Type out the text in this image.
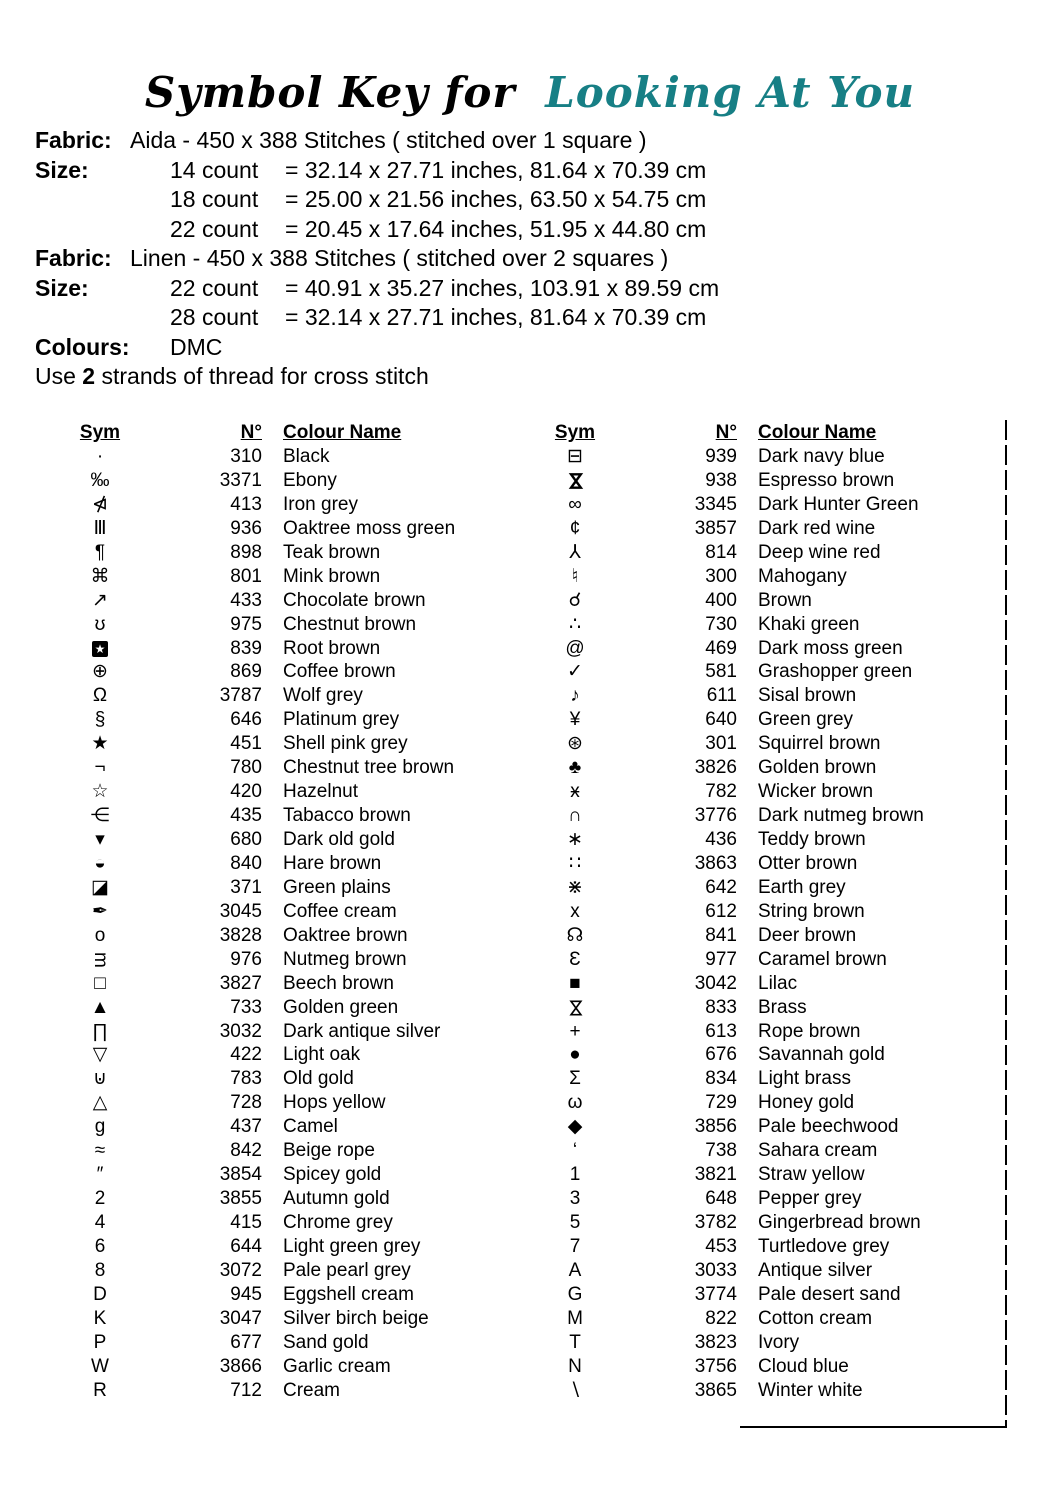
Symbol Key for Looking At You
Fabric: Aida - 450 x 388 Stitches ( stitched over 1 square )
Size:	14 count	= 32.14 x 27.71 inches, 81.64 x 70.39 cm
18 count	= 25.00 x 21.56 inches, 63.50 x 54.75 cm
22 count	= 20.45 x 17.64 inches, 51.95 x 44.80 cm
Fabric: Linen - 450 x 388 Stitches ( stitched over 2 squares )
Size:	22 count	= 40.91 x 35.27 inches, 103.91 x 89.59 cm
28 count	= 32.14 x 27.71 inches, 81.64 x 70.39 cm
Colours: DMC
Use 2 strands of thread for cross stitch
Sym	N°	Colour Name
·	310	Black
‰	3371	Ebony
⋪	413	Iron grey
Ⅲ	936	Oaktree moss green
¶	898	Teak brown
⌘	801	Mink brown
↗	433	Chocolate brown
ʊ	975	Chestnut brown
★	839	Root brown
⊕	869	Coffee brown
Ω	3787	Wolf grey
§	646	Platinum grey
★	451	Shell pink grey
¬	780	Chestnut tree brown
☆	420	Hazelnut
⋲	435	Tabacco brown
▾	680	Dark old gold
◒	840	Hare brown
◪	371	Green plains
✒	3045	Coffee cream
o	3828	Oaktree brown
m	976	Nutmeg brown
□	3827	Beech brown
▲	733	Golden green
∏	3032	Dark antique silver
▽	422	Light oak
⊍	783	Old gold
△	728	Hops yellow
g	437	Camel
≈	842	Beige rope
″	3854	Spicey gold
2	3855	Autumn gold
4	415	Chrome grey
6	644	Light green grey
8	3072	Pale pearl grey
D	945	Eggshell cream
K	3047	Silver birch beige
P	677	Sand gold
W	3866	Garlic cream
R	712	Cream
Sym	N°	Colour Name
⊟	939	Dark navy blue
⋈	938	Espresso brown
∞	3345	Dark Hunter Green
¢	3857	Dark red wine
⅄	814	Deep wine red
♮	300	Mahogany
☌	400	Brown
∴	730	Khaki green
@	469	Dark moss green
✓	581	Grashopper green
♪	611	Sisal brown
¥	640	Green grey
⊛	301	Squirrel brown
♣	3826	Golden brown
ӿ	782	Wicker brown
∩	3776	Dark nutmeg brown
∗	436	Teddy brown
∷	3863	Otter brown
⋇	642	Earth grey
x	612	String brown
☊	841	Deer brown
Ɛ	977	Caramel brown
■	3042	Lilac
⋈	833	Brass
+	613	Rope brown
●	676	Savannah gold
Σ	834	Light brass
ω	729	Honey gold
◆	3856	Pale beechwood
‘	738	Sahara cream
1	3821	Straw yellow
3	648	Pepper grey
5	3782	Gingerbread brown
7	453	Turtledove grey
A	3033	Antique silver
G	3774	Pale desert sand
M	822	Cotton cream
T	3823	Ivory
N	3756	Cloud blue
∖	3865	Winter white
